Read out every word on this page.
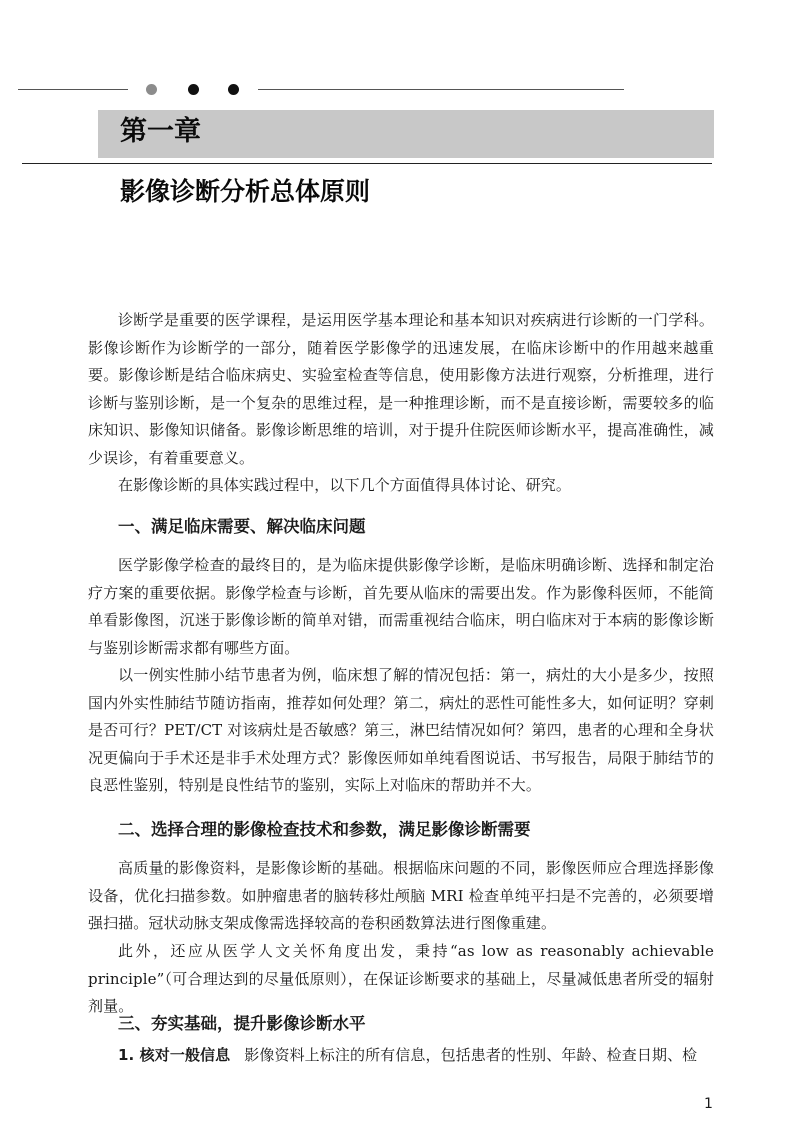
第一章
影像诊断分析总体原则

诊断学是重要的医学课程，是运用医学基本理论和基本知识对疾病进行诊断的一门学科。影像诊断作为诊断学的一部分，随着医学影像学的迅速发展，在临床诊断中的作用越来越重要。影像诊断是结合临床病史、实验室检查等信息，使用影像方法进行观察，分析推理，进行诊断与鉴别诊断，是一个复杂的思维过程，是一种推理诊断，而不是直接诊断，需要较多的临床知识、影像知识储备。影像诊断思维的培训，对于提升住院医师诊断水平，提高准确性，减少误诊，有着重要意义。

在影像诊断的具体实践过程中，以下几个方面值得具体讨论、研究。

一、满足临床需要、解决临床问题

医学影像学检查的最终目的，是为临床提供影像学诊断，是临床明确诊断、选择和制定治疗方案的重要依据。影像学检查与诊断，首先要从临床的需要出发。作为影像科医师，不能简单看影像图，沉迷于影像诊断的简单对错，而需重视结合临床，明白临床对于本病的影像诊断与鉴别诊断需求都有哪些方面。

以一例实性肺小结节患者为例，临床想了解的情况包括：第一，病灶的大小是多少，按照国内外实性肺结节随访指南，推荐如何处理？第二，病灶的恶性可能性多大，如何证明？穿刺是否可行？PET/CT 对该病灶是否敏感？第三，淋巴结情况如何？第四，患者的心理和全身状况更偏向于手术还是非手术处理方式？影像医师如单纯看图说话、书写报告，局限于肺结节的良恶性鉴别，特别是良性结节的鉴别，实际上对临床的帮助并不大。

二、选择合理的影像检查技术和参数，满足影像诊断需要

高质量的影像资料，是影像诊断的基础。根据临床问题的不同，影像医师应合理选择影像设备，优化扫描参数。如肿瘤患者的脑转移灶颅脑 MRI 检查单纯平扫是不完善的，必须要增强扫描。冠状动脉支架成像需选择较高的卷积函数算法进行图像重建。

此外，还应从医学人文关怀角度出发，秉持“as low as reasonably achievable principle”（可合理达到的尽量低原则），在保证诊断要求的基础上，尽量减低患者所受的辐射剂量。

三、夯实基础，提升影像诊断水平

1. 核对一般信息 影像资料上标注的所有信息，包括患者的性别、年龄、检查日期、检

1
